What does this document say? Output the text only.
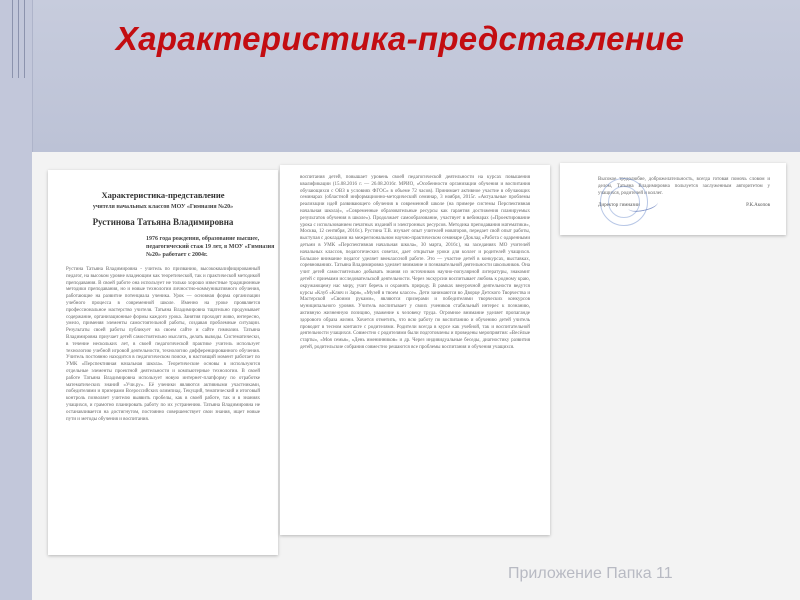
Характеристика-представление
Характеристика-представление
учителя начальных классов МОУ «Гимназия №20»
Рустинова Татьяна Владимировна
1976 года рождения, образование высшее, педагогический стаж 19 лет, в МОУ «Гимназия №20» работает с 2004г.
Рустина Татьяна Владимировна - учитель по призванию, высококвалифицированный педагог, на высоком уровне владеющим как теоретической, так и практической методикой преподавания. В своей работе она использует не только хорошо известные традиционные методики преподавания, но и новые технологии личностно-коммуникативного обучения, работающие на развитие потенциала ученика. Урок — основная форма организации учебного процесса в современной школе. Именно на уроке проявляется профессиональное мастерство учителя. Татьяна Владимировна тщательно продумывает содержание, организационные формы каждого урока. Занятия проходят живо, интересно, умело, применяя элементы самостоятельной работы, создавая проблемные ситуации. Результаты своей работы публикует на своем сайте и сайте гимназии. Татьяна Владимировна приучает детей самостоятельно мыслить, делать выводы. Систематически, в течение нескольких лет, в своей педагогической практике учитель использует технологию учебной игровой деятельности, технологию дифференцированного обучения. Учитель постоянно находится в педагогическом поиске, в настоящий момент работает по УМК «Перспективная начальная школа». Теоретические основы в используются отдельные элементы проектной деятельности и компьютерные технологии. В своей работе Татьяна Владимировна использует новую интернет-платформу по отработке математических знаний «Учи.ру». Её ученики являются активными участниками, победителями и призерами Всероссийских олимпиад. Текущий, тематический и итоговый контроль позволяет учителю выявить пробелы, как в своей работе, так и в знаниях учащихся, и грамотно планировать работу по их устранению. Татьяна Владимировна не останавливается на достигнутом, постоянно совершенствует свои знания, ищет новые пути и методы обучения и воспитания.
воспитания детей, повышает уровень своей педагогической деятельности на курсах повышения квалификации (15.08.2016 г. — 26.08.2016г. МРИО, «Особенности организации обучения и воспитания обучающихся с ОВЗ в условиях ФГОС» в объеме 72 часов). Принимает активное участие в обучающих семинарах (областной информационно-методический семинар, 3 ноября, 2015г. «Актуальные проблемы реализации идей развивающего обучения в современной школе (на примере системы Перспективная начальная школа)», «Современные образовательные ресурсы как гарантия достижения планируемых результатов обучения в школе»). Продолжает самообразование, участвует в вебинарах («Проектирование урока с использованием печатных изданий и электронных ресурсов. Методика преподавания математики», Москва, 12 сентября, 2016г.). Рустина Т.В. изучает опыт учителей новаторов, передает свой опыт работы, выступая с докладами на межрегиональном научно-практическом семинаре (Доклад «Работа с одаренными детьми в УМК «Перспективная начальная школа», 30 марта, 2016г.), на заседаниях МО учителей начальных классов, педагогических советах, дает открытые уроки для коллег и родителей учащихся. Большое внимание педагог уделяет внеклассной работе. Это — участие детей в конкурсах, выставках, соревнованиях. Татьяна Владимировна уделяет внимание и познавательной деятельности школьников. Она учит детей самостоятельно добывать знания из источников научно-популярной литературы, знакомит детей с приемами исследовательской деятельности. Через экскурсии воспитывает любовь к родному краю, окружающему нас миру, учит беречь и охранять природу. В рамках внеурочной деятельности ведутся курсы «Клуб «Ключ и Заря», «Музей в твоем классе». Дети занимаются во Дворце Детского Творчества и Мастерской «Своими руками», являются призерами и победителями творческих конкурсов муниципального уровня. Учитель воспитывает у своих учеников стабильный интерес к познанию, активную жизненную позицию, уважение к человеку труда. Огромное внимание уделяет пропаганде здорового образа жизни. Хочется отметить, что всю работу по воспитанию и обучению детей учитель проводит в тесном контакте с родителями. Родители всегда в курсе как учебной, так и воспитательной деятельности учащихся. Совместно с родителями были подготовлены и проведены мероприятия: «Весёлые старты», «Моя семья», «День именинников» и др. Через индивидуальные беседы, диагностику развития детей, родительские собрания совместно решаются все проблемы воспитания и обучения учащихся.
Высокое трудолюбие, доброжелательность, всегда готовая помочь словом и делом, Татьяна Владимировна пользуется заслуженным авторитетом у учащихся, родителей и коллег.
Директор гимназии	Р.К.Акопов
Приложение Папка 11
